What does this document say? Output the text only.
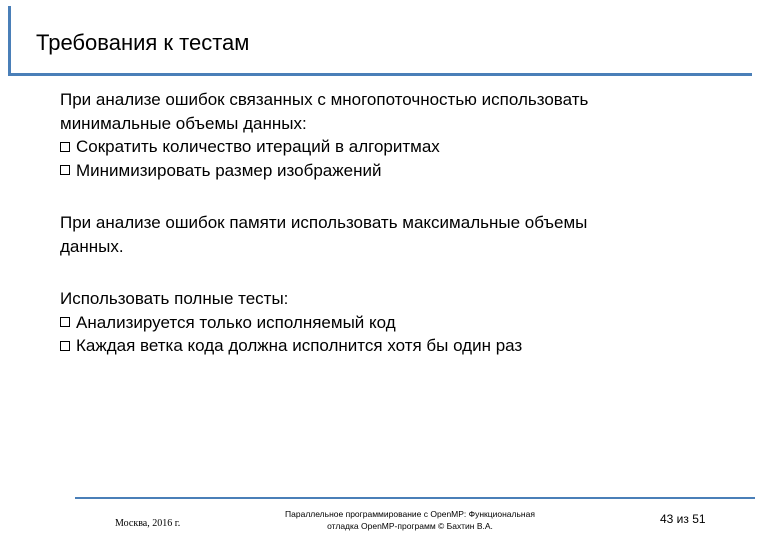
Требования к тестам

При анализе ошибок связанных с многопоточностью использовать

минимальные объемы данных:

Сократить количество итераций в алгоритмах
Минимизировать размер изображений

При анализе ошибок памяти использовать максимальные объемы

данных.

Использовать полные тесты:

Анализируется только исполняемый код
Каждая ветка кода должна исполнится хотя бы один раз
Москва, 2016 г.
Параллельное программирование с OpenMP: Функциональная
отладка OpenMP-программ © Бахтин В.А.	43 из 51
